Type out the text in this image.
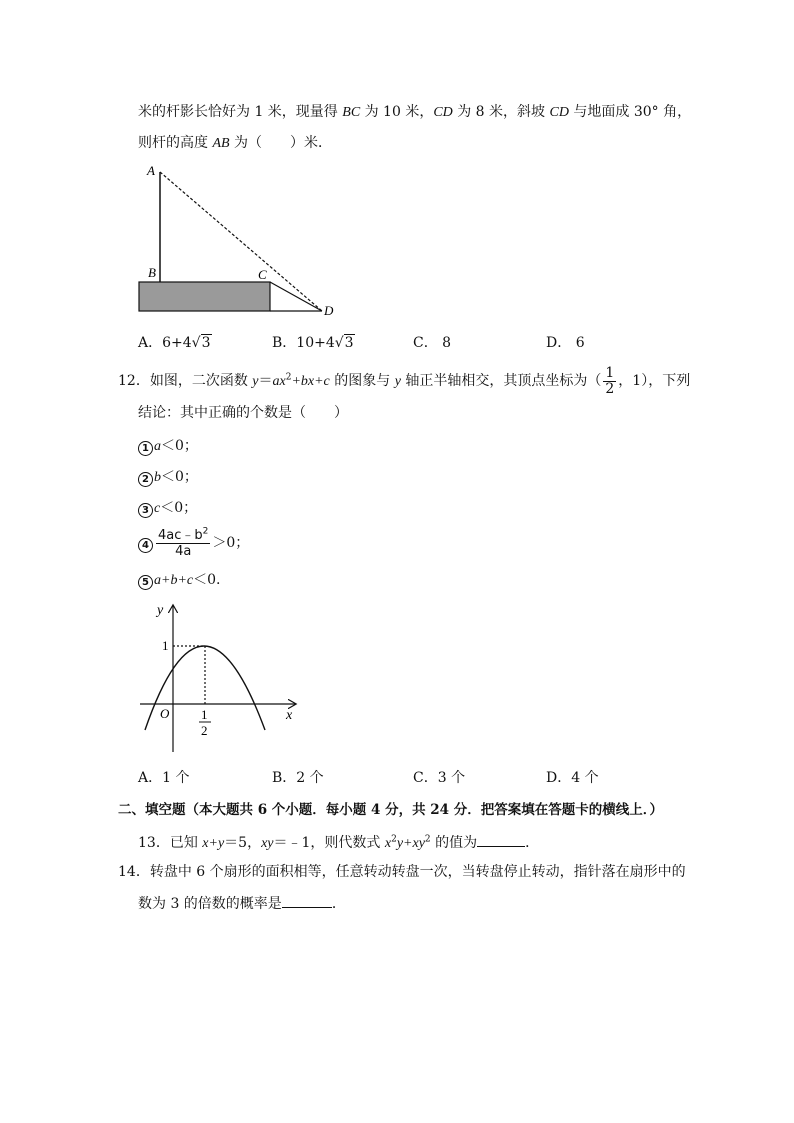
米的杆影长恰好为 1 米，现量得 BC 为 10 米，CD 为 8 米，斜坡 CD 与地面成 30° 角，
则杆的高度 AB 为（　　）米．
A
B	C
D
A．6+4√3	B．10+4√3	C． 8	D． 6
12．如图，二次函数 $y=ax^2+bx+c$ 的图象与 y 轴正半轴相交，其顶点坐标为（ $\frac{1}{2}$ ，1），下列
结论：其中正确的个数是（　　）
1 a＜0；
2 b＜0；
3 c＜0；
$4 \frac{4ac﹣b^2}{4a} >0$；
5 a+b+c＜0.
y
x
O
1
1
2
A．1 个	B．2 个	C．3 个	D．4 个
二、填空题（本大题共 6 个小题．每小题 4 分，共 24 分．把答案填在答题卡的横线上．）
13．已知 x+y＝5，xy＝﹣1，则代数式 $x^2y+xy^2$ 的值为	．
14．转盘中 6 个扇形的面积相等，任意转动转盘一次，当转盘停止转动，指针落在扇形中的
数为 3 的倍数的概率是	．
